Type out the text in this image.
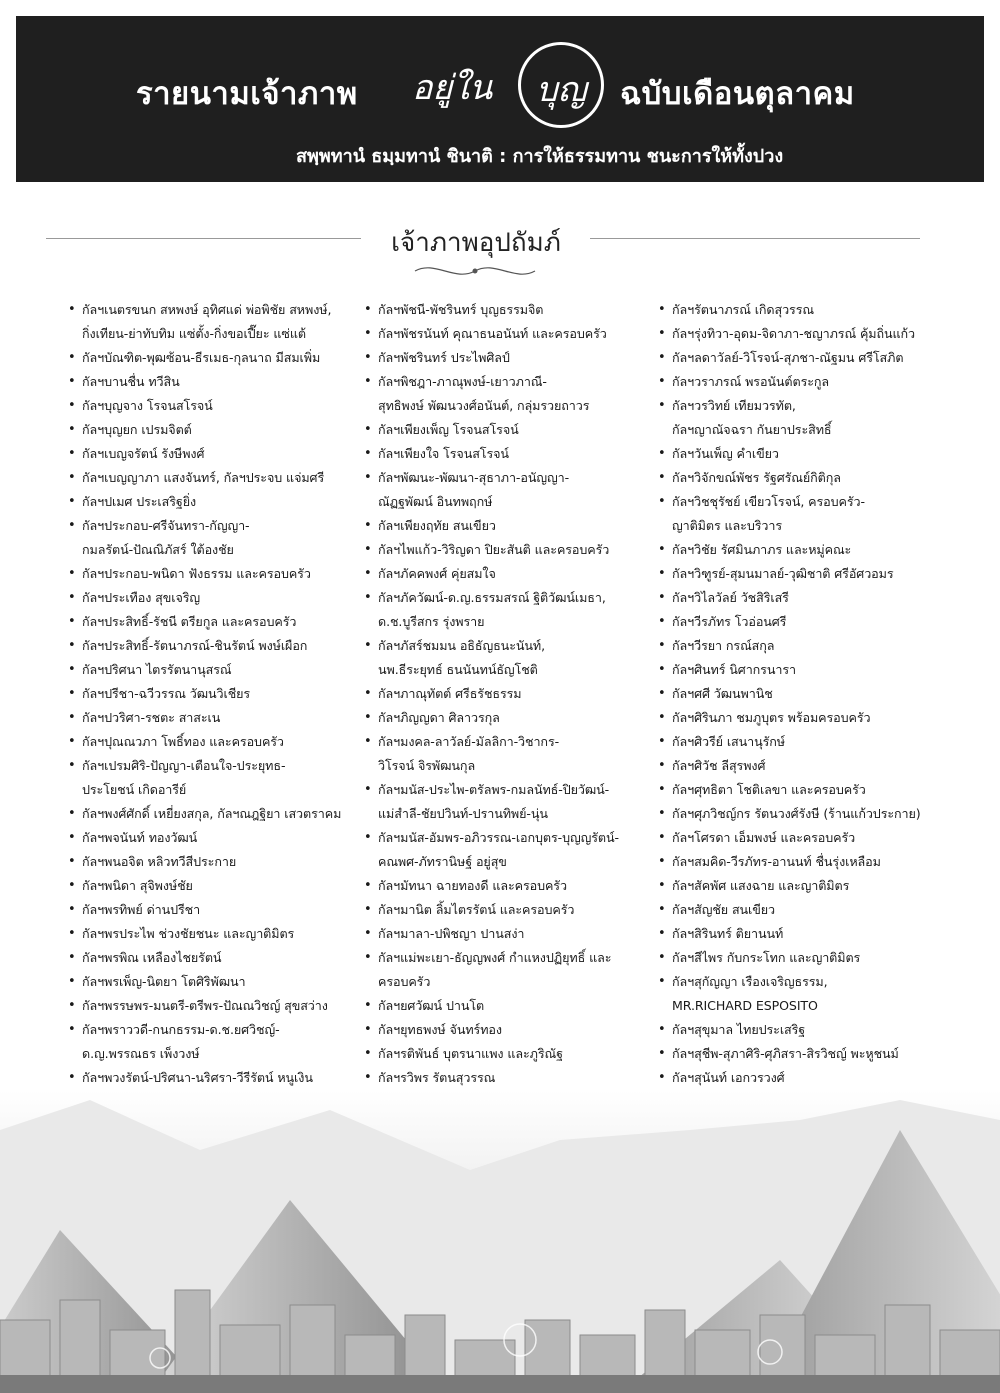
รายนามเจ้าภาพ อยู่ใน บุญ ฉบับเดือนตุลาคม
สพฺพทานํ ธมฺมทานํ ชินาติ : การให้ธรรมทาน ชนะการให้ทั้งปวง
เจ้าภาพอุปถัมภ์
• กัลฯเนตรขนก สหพงษ์ อุทิศแด่ พ่อพิชัย สหพงษ์,
กิ่งเทียน-ย่าทับทิม แซ่ตั้ง-กิ่งขอเปี๊ยะ แซ่แต้
• กัลฯบัณฑิต-พุฒซ้อน-ธีรเมธ-กุลนาถ มีสมเพิ่ม
• กัลฯบานชื่น ทวีสิน
• กัลฯบุญจาง โรจนสโรจน์
• กัลฯบุญยก เปรมจิตต์
• กัลฯเบญจรัตน์ รังษีพงศ์
• กัลฯเบญญาภา แสงจันทร์, กัลฯประจบ แจ่มศรี
• กัลฯปเมศ ประเสริฐยิ่ง
• กัลฯประกอบ-ศรีจันทรา-กัญญา-
กมลรัตน์-ปัณณิภัสร์ ใต้องชัย
• กัลฯประกอบ-พนิดา ฟังธรรม และครอบครัว
• กัลฯประเทือง สุขเจริญ
• กัลฯประสิทธิ์-รัชนี ตรียกูล และครอบครัว
• กัลฯประสิทธิ์-รัตนาภรณ์-ชินรัตน์ พงษ์เผือก
• กัลฯปริศนา ไตรรัตนานุสรณ์
• กัลฯปรีชา-ฉวีวรรณ วัฒนวิเชียร
• กัลฯปวริศา-รชตะ สาสะเน
• กัลฯปุณณวภา โพธิ์ทอง และครอบครัว
• กัลฯเปรมศิริ-ปัญญา-เตือนใจ-ประยุทธ-
ประโยชน์ เกิดอารีย์
• กัลฯพงศ์ศักดิ์ เหยี่ยงสกุล, กัลฯณฎฐิยา เสวตราคม
• กัลฯพจนันท์ ทองวัฒน์
• กัลฯพนอจิต หลิวทวีสีประกาย
• กัลฯพนิดา สุจิพงษ์ชัย
• กัลฯพรทิพย์ ด่านปรีชา
• กัลฯพรประไพ ช่วงชัยชนะ และญาติมิตร
• กัลฯพรพิณ เหลืองไชยรัตน์
• กัลฯพรเพ็ญ-นิตยา โตศิริพัฒนา
• กัลฯพรรษพร-มนตรี-ตรีพร-ปัณณวิชญ์ สุขสว่าง
• กัลฯพราววดี-กนกธรรม-ด.ช.ยศวิชญ์-
ด.ญ.พรรณธร เพ็งวงษ์
• กัลฯพวงรัตน์-ปริศนา-นริศรา-วีรีรัตน์ หนูเงิน
• กัลฯพัชนี-พัชรินทร์ บุญธรรมจิต
• กัลฯพัชรนันท์ คุณาธนอนันท์ และครอบครัว
• กัลฯพัชรินทร์ ประไพศิลป์
• กัลฯพิชฎา-ภาณุพงษ์-เยาวภาณี-
สุทธิพงษ์ พัฒนวงศ์อนันต์, กลุ่มรวยถาวร
• กัลฯเพียงเพ็ญ โรจนสโรจน์
• กัลฯเพียงใจ โรจนสโรจน์
• กัลฯพัฒนะ-พัฒนา-สุธาภา-อนัญญา-
ณัฏฐพัฒน์ อินทพฤกษ์
• กัลฯเพียงฤทัย สนเขียว
• กัลฯไพแก้ว-วิริญดา ปิยะสันติ และครอบครัว
• กัลฯภัคคพงศ์ คุ่ยสมใจ
• กัลฯภัควัฒน์-ด.ญ.ธรรมสรณ์ ฐิติวัฒน์เมธา,
ด.ช.บูรีสกร รุ่งพราย
• กัลฯภัสร์ชมมน อธิธัญธนะนันท์,
นพ.ธีระยุทธ์ ธนนันทน์ธัญโชติ
• กัลฯภาณุทัตต์ ศรีธรัชธรรม
• กัลฯภิญญดา ศิลาวรกุล
• กัลฯมงคล-ลาวัลย์-มัลลิกา-วิชากร-
วิโรจน์ จิรพัฒนกุล
• กัลฯมนัส-ประไพ-ตรัลพร-กมลนัทธ์-ปิยวัฒน์-
แม่สำลี-ชัยปวินท์-ปรานทิพย์-นุ่น
• กัลฯมนัส-อัมพร-อภิวรรณ-เอกบุตร-บุญญรัตน์-
คณพศ-ภัทรานิษฐ์ อยู่สุข
• กัลฯมัทนา ฉายทองดี และครอบครัว
• กัลฯมานิต ลิ้มไตรรัตน์ และครอบครัว
• กัลฯมาลา-ปพิชญา ปานสง่า
• กัลฯแม่พะเยา-ธัญญพงศ์ กำแหงปฏิยุทธิ์ และครอบครัว
• กัลฯยศวัฒน์ ปานโต
• กัลฯยุทธพงษ์ จันทร์ทอง
• กัลฯรติพันธ์ บุตรนาแพง และภูริณัฐ
• กัลฯรวิพร รัตนสุวรรณ
•
• กัลฯรัตนาภรณ์ เกิดสุวรรณ
• กัลฯรุ่งทิวา-อุดม-จิดาภา-ชญาภรณ์ คุ้มถิ่นแก้ว
• กัลฯลดาวัลย์-วิโรจน์-สุภชา-ณัฐมน ศรีโสภิต
• กัลฯวราภรณ์ พรอนันต์ตระกูล
• กัลฯวรวิทย์ เทียมวรทัต,
กัลฯญาณัจฉรา กันยาประสิทธิ์
• กัลฯวันเพ็ญ คำเขียว
• กัลฯวิจักขณ์พัชร รัฐศรัณย์กิติกุล
• กัลฯวิชชุรัชย์ เขียวโรจน์, ครอบครัว-
ญาติมิตร และบริวาร
• กัลฯวิชัย รัศมินภาภร และหมู่คณะ
• กัลฯวิฑูรย์-สุมนมาลย์-วุฒิชาติ ศรีอัศวอมร
• กัลฯวิไลวัลย์ วัชสิริเสรี
• กัลฯวีรภัทร โวอ่อนศรี
• กัลฯวีรยา กรณ์สกุล
• กัลฯศินทร์ นิศากรนารา
• กัลฯศศี วัฒนพานิช
• กัลฯศิรินภา ชมภูบุตร พร้อมครอบครัว
• กัลฯศิวรีย์ เสนานุรักษ์
• กัลฯศิวัช ลีสุรพงศ์
• กัลฯศุทธิตา โชติเลขา และครอบครัว
• กัลฯศุภวิชญ์กร รัตนวงศ์รังษี (ร้านแก้วประกาย)
• กัลฯโศรดา เอ็มพงษ์ และครอบครัว
• กัลฯสมคิด-วีรภัทร-อานนท์ ชื่นรุ่งเหลือม
• กัลฯสัคพัศ แสงฉาย และญาติมิตร
• กัลฯสัญชัย สนเขียว
• กัลฯสิรินทร์ ติยานนท์
• กัลฯสีไพร กับกระโทก และญาติมิตร
• กัลฯสุกัญญา เรืองเจริญธรรม,
MR.RICHARD ESPOSITO
• กัลฯสุขุมาล ไทยประเสริฐ
• กัลฯสุชีพ-สุภาศิริ-ศุภิสรา-สิรวิชญ์ พะหูชนม์
• กัลฯสุนันท์ เอกวรวงศ์
